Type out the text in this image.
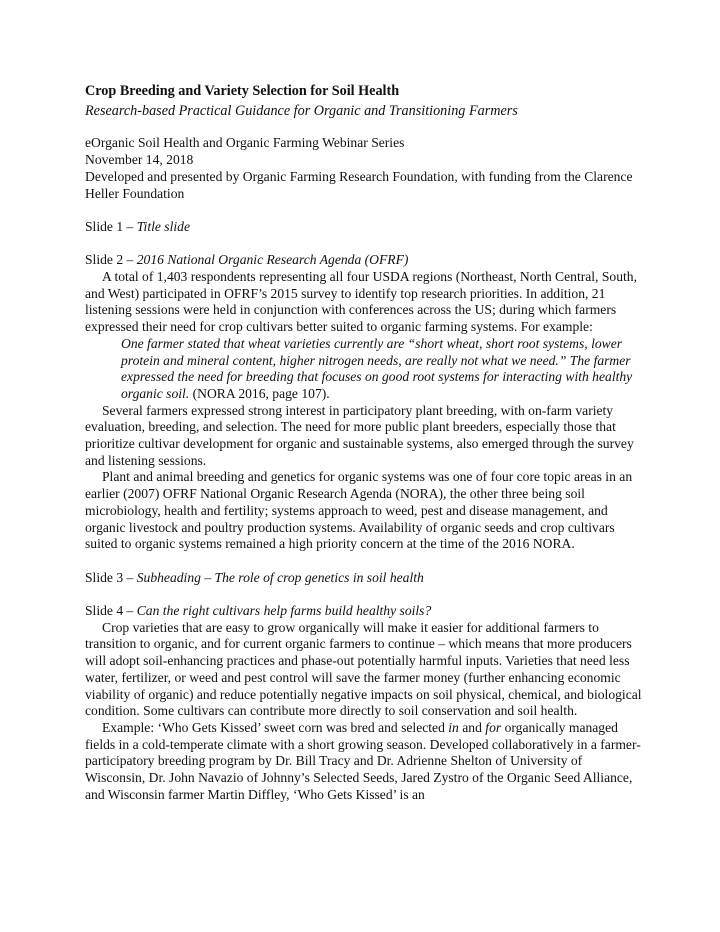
Crop Breeding and Variety Selection for Soil Health

Research-based Practical Guidance for Organic and Transitioning Farmers

eOrganic Soil Health and Organic Farming Webinar Series

November 14, 2018

Developed and presented by Organic Farming Research Foundation, with funding from the Clarence Heller Foundation

Slide 1 – Title slide

Slide 2 – 2016 National Organic Research Agenda (OFRF)

A total of 1,403 respondents representing all four USDA regions (Northeast, North Central, South, and West) participated in OFRF’s 2015 survey to identify top research priorities. In addition, 21 listening sessions were held in conjunction with conferences across the US; during which farmers expressed their need for crop cultivars better suited to organic farming systems. For example:

One farmer stated that wheat varieties currently are “short wheat, short root systems, lower protein and mineral content, higher nitrogen needs, are really not what we need.” The farmer expressed the need for breeding that focuses on good root systems for interacting with healthy organic soil. (NORA 2016, page 107).

Several farmers expressed strong interest in participatory plant breeding, with on-farm variety evaluation, breeding, and selection. The need for more public plant breeders, especially those that prioritize cultivar development for organic and sustainable systems, also emerged through the survey and listening sessions.

Plant and animal breeding and genetics for organic systems was one of four core topic areas in an earlier (2007) OFRF National Organic Research Agenda (NORA), the other three being soil microbiology, health and fertility; systems approach to weed, pest and disease management, and organic livestock and poultry production systems. Availability of organic seeds and crop cultivars suited to organic systems remained a high priority concern at the time of the 2016 NORA.

Slide 3 – Subheading – The role of crop genetics in soil health

Slide 4 – Can the right cultivars help farms build healthy soils?

Crop varieties that are easy to grow organically will make it easier for additional farmers to transition to organic, and for current organic farmers to continue – which means that more producers will adopt soil-enhancing practices and phase-out potentially harmful inputs. Varieties that need less water, fertilizer, or weed and pest control will save the farmer money (further enhancing economic viability of organic) and reduce potentially negative impacts on soil physical, chemical, and biological condition. Some cultivars can contribute more directly to soil conservation and soil health.

Example: ‘Who Gets Kissed’ sweet corn was bred and selected in and for organically managed fields in a cold-temperate climate with a short growing season. Developed collaboratively in a farmer-participatory breeding program by Dr. Bill Tracy and Dr. Adrienne Shelton of University of Wisconsin, Dr. John Navazio of Johnny’s Selected Seeds, Jared Zystro of the Organic Seed Alliance, and Wisconsin farmer Martin Diffley, ‘Who Gets Kissed’ is an
